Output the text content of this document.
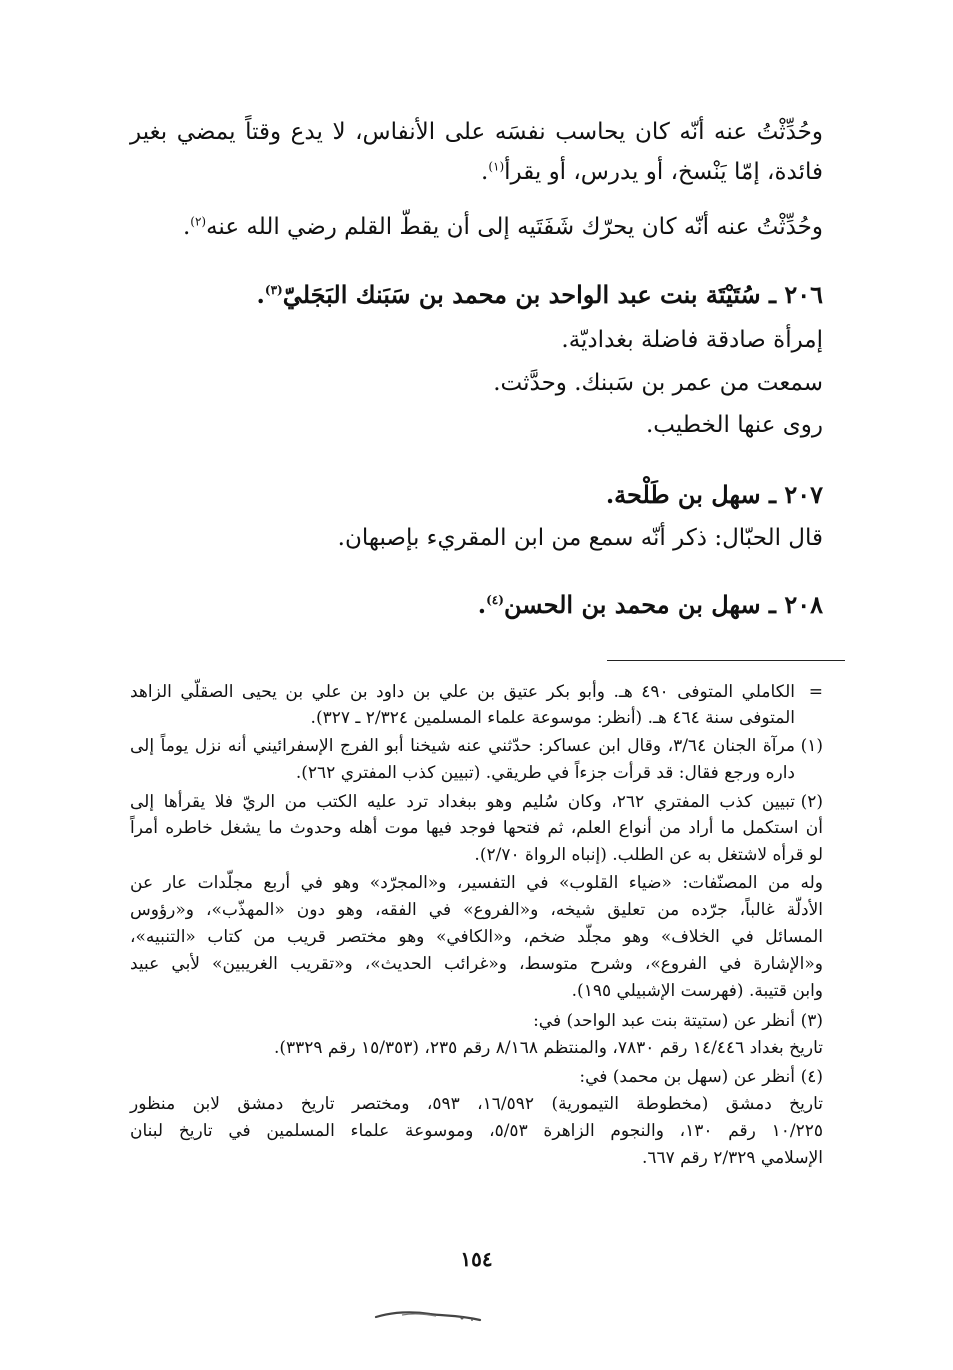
وحُدِّثْتُ عنه أنّه كان يحاسب نفسَه على الأنفاس، لا يدع وقتاً يمضي بغير
فائدة، إمّا يَنْسخ، أو يدرس، أو يقرأ$^{(١)}$.
وحُدِّثْتُ عنه أنّه كان يحرّك شَفَتَيه إلى أن يقطّ القلم رضي الله عنه$^{(٢)}$.
٢٠٦ ـ سُتَيْتَة بنت عبد الواحد بن محمد بن سَبَنك البَجَليّ$^{(٣)}$.
إمرأة صادقة فاضلة بغداديّة.
سمعت من عمر بن سَبنك. وحدَّثت.
روى عنها الخطيب.
٢٠٧ ـ سهل بن طَلْحة.
قال الحبّال: ذكر أنّه سمع من ابن المقريء بإصبهان.
٢٠٨ ـ سهل بن محمد بن الحسن$^{(٤)}$.
=
الكاملي المتوفى ٤٩٠ هـ. وأبو بكر عتيق بن علي بن داود بن علي بن يحيى الصقلّي الزاهد
المتوفى سنة ٤٦٤ هـ. (أنظر: موسوعة علماء المسلمين ٢/٣٢٤ ـ ٣٢٧).
(١)
مرآة الجنان ٣/٦٤، وقال ابن عساكر: حدّثني عنه شيخنا أبو الفرج الإسفرائيني أنه نزل يوماً إلى
داره ورجع فقال: قد قرأت جزءاً في طريقي. (تبيين كذب المفتري ٢٦٢).
(٢)
تبيين كذب المفتري ٢٦٢، وكان سُليم وهو ببغداد ترد عليه الكتب من الريّ فلا يقرأها إلى
أن استكمل ما أراد من أنواع العلم، ثم فتحها فوجد فيها موت أهله وحدوث ما يشغل خاطره أمراً
لو قرأه لاشتغل به عن الطلب. (إنباه الرواة ٢/٧٠).
وله من المصنّفات: «ضياء القلوب» في التفسير، و«المجرّد» وهو في أربع مجلّدات عار عن
الأدلّة غالباً، جرّده من تعليق شيخه، و«الفروع» في الفقه، وهو دون «المهذّب»، و«رؤوس
المسائل في الخلاف» وهو مجلّد ضخم، و«الكافي» وهو مختصر قريب من كتاب «التنبيه»،
و«الإشارة في الفروع»، وشرح متوسط، و«غرائب الحديث»، و«تقريب الغريبين» لأبي عبيد
وابن قتيبة. (فهرست الإشبيلي ١٩٥).
(٣)
أنظر عن (ستيتة بنت عبد الواحد) في:
تاريخ بغداد ١٤/٤٤٦ رقم ٧٨٣٠، والمنتظم ٨/١٦٨ رقم ٢٣٥، (١٥/٣٥٣ رقم ٣٣٢٩).
(٤)
أنظر عن (سهل بن محمد) في:
تاريخ دمشق (مخطوطة التيمورية) ١٦/٥٩٢، ٥٩٣، ومختصر تاريخ دمشق لابن منظور
١٠/٢٢٥ رقم ١٣٠، والنجوم الزاهرة ٥/٥٣، وموسوعة علماء المسلمين في تاريخ لبنان
الإسلامي ٢/٣٢٩ رقم ٦٦٧.
١٥٤
